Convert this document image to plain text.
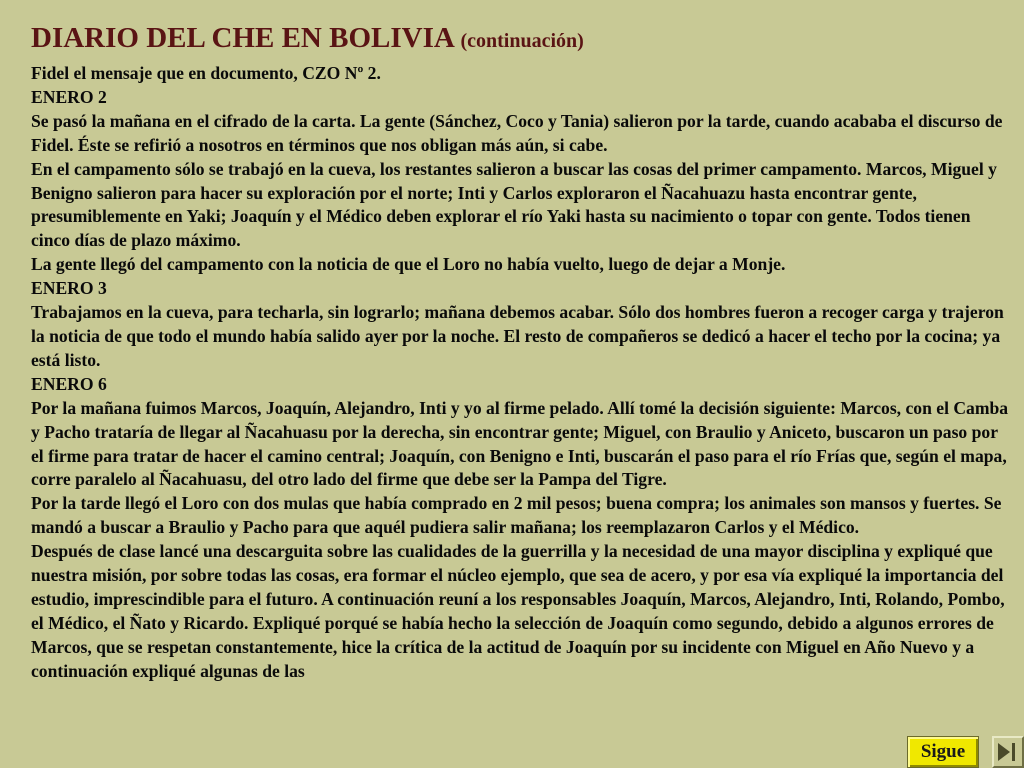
DIARIO DEL CHE EN BOLIVIA (continuación)

Fidel el mensaje que en documento, CZO Nº 2.

ENERO 2

Se pasó la mañana en el cifrado de la carta. La gente (Sánchez, Coco y Tania) salieron por la tarde, cuando acababa el discurso de Fidel. Éste se refirió a nosotros en términos que nos obligan más aún, si cabe.

En el campamento sólo se trabajó en la cueva, los restantes salieron a buscar las cosas del primer campamento. Marcos, Miguel y Benigno salieron para hacer su exploración por el norte; Inti y Carlos exploraron el Ñacahuazu hasta encontrar gente, presumiblemente en Yaki; Joaquín y el Médico deben explorar el río Yaki hasta su nacimiento o topar con gente. Todos tienen cinco días de plazo máximo.

La gente llegó del campamento con la noticia de que el Loro no había vuelto, luego de dejar a Monje.

ENERO 3

Trabajamos en la cueva, para techarla, sin lograrlo; mañana debemos acabar. Sólo dos hombres fueron a recoger carga y trajeron la noticia de que todo el mundo había salido ayer por la noche. El resto de compañeros se dedicó a hacer el techo por la cocina; ya está listo.

ENERO 6

Por la mañana fuimos Marcos, Joaquín, Alejandro, Inti y yo al firme pelado. Allí tomé la decisión siguiente: Marcos, con el Camba y Pacho trataría de llegar al Ñacahuasu por la derecha, sin encontrar gente; Miguel, con Braulio y Aniceto, buscaron un paso por el firme para tratar de hacer el camino central; Joaquín, con Benigno e Inti, buscarán el paso para el río Frías que, según el mapa, corre paralelo al Ñacahuasu, del otro lado del firme que debe ser la Pampa del Tigre.

Por la tarde llegó el Loro con dos mulas que había comprado en 2 mil pesos; buena compra; los animales son mansos y fuertes. Se mandó a buscar a Braulio y Pacho para que aquél pudiera salir mañana; los reemplazaron Carlos y el Médico.

Después de clase lancé una descarguita sobre las cualidades de la guerrilla y la necesidad de una mayor disciplina y expliqué que nuestra misión, por sobre todas las cosas, era formar el núcleo ejemplo, que sea de acero, y por esa vía expliqué la importancia del estudio, imprescindible para el futuro. A continuación reuní a los responsables Joaquín, Marcos, Alejandro, Inti, Rolando, Pombo, el Médico, el Ñato y Ricardo. Expliqué porqué se había hecho la selección de Joaquín como segundo, debido a algunos errores de Marcos, que se respetan constantemente, hice la crítica de la actitud de Joaquín por su incidente con Miguel en Año Nuevo y a continuación expliqué algunas de las

Sigue
